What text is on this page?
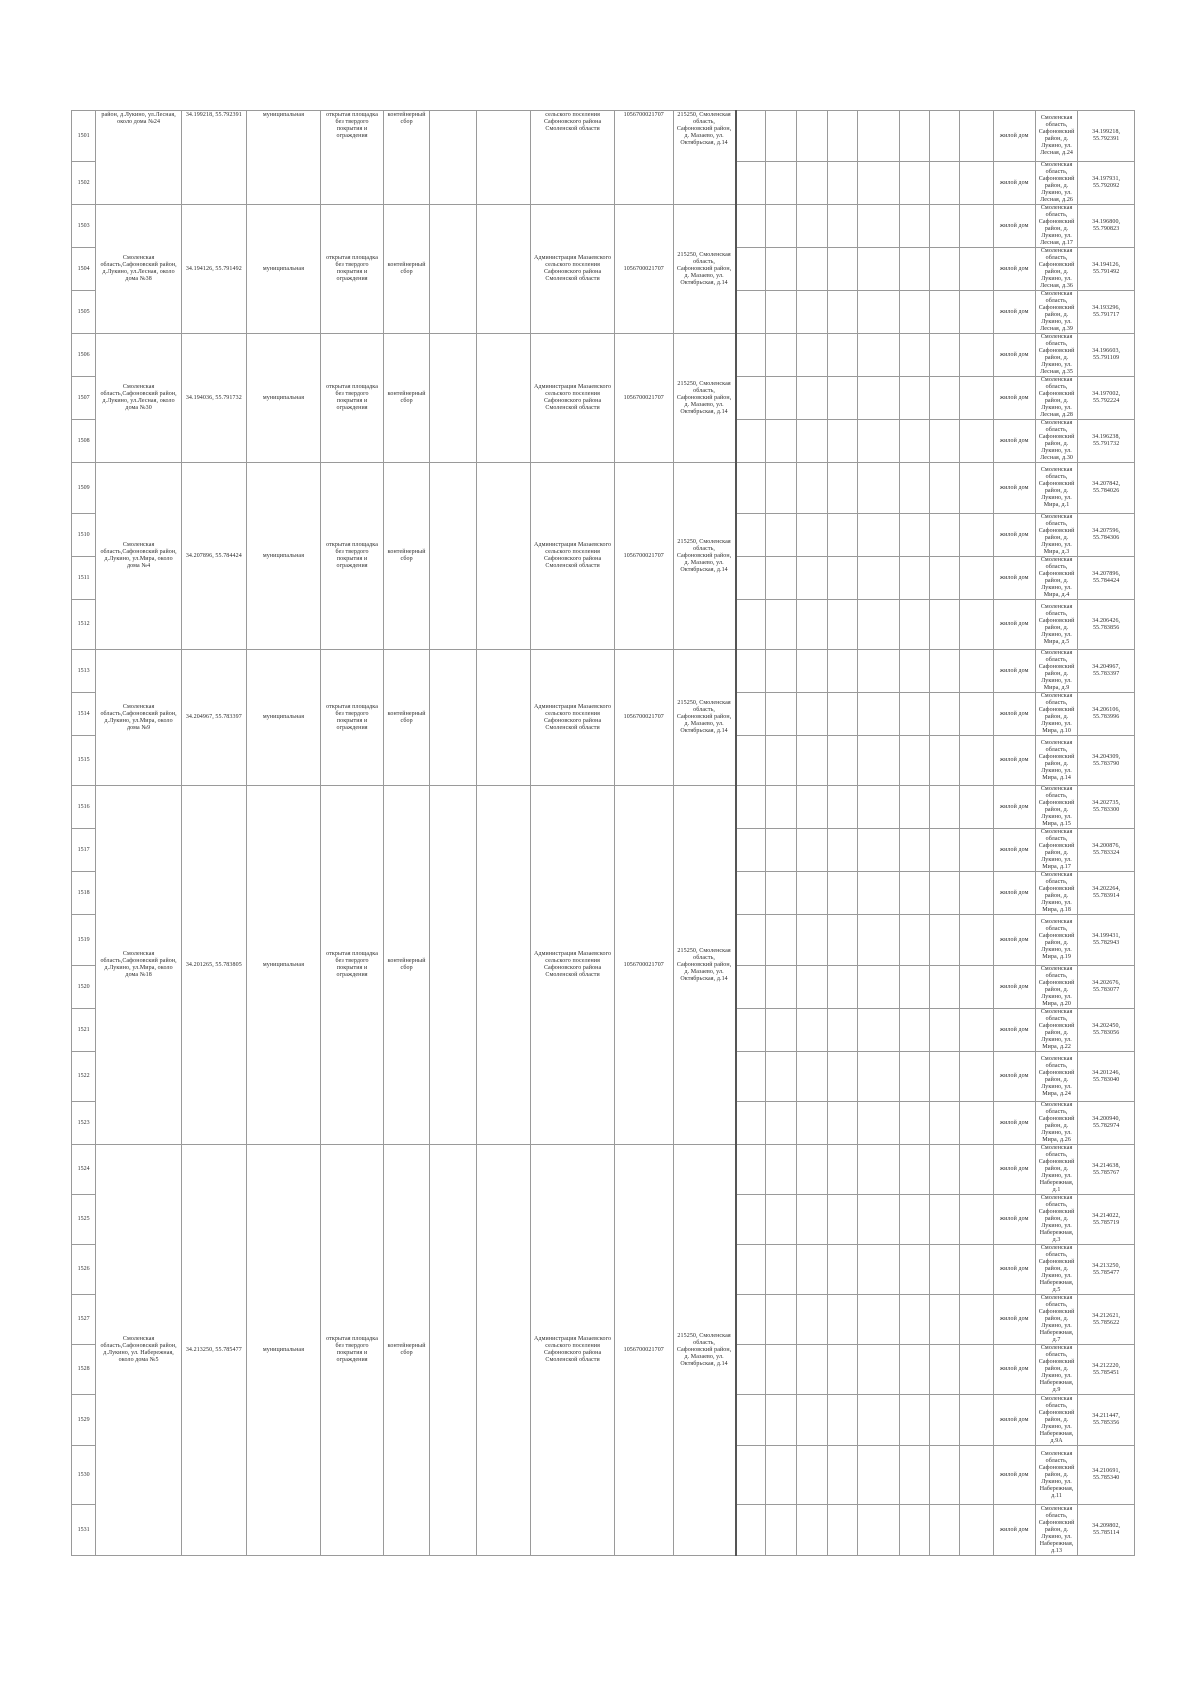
1501	район, д.Лукино, ул.Лесная, около дома №24	34.199218, 55.792391	муниципальная	открытая площадка без твердого покрытия и ограждения	контейнерный сбор			сельского поселения Сафоновского района Смоленской области	1056700021707	215250, Смоленская область, Сафоновский район, д. Мазаево, ул. Октябрьская, д.14									жилой дом	Смоленская область, Сафоновский район, д. Лукино, ул. Лесная, д.24	34.199218, 55.792391
1502																			жилой дом	Смоленская область, Сафоновский район, д. Лукино, ул. Лесная, д.26	34.197931, 55.792092
1503	Смоленская область,Сафоновский район, д.Лукино, ул.Лесная, около дома №38	34.194126, 55.791492	муниципальная	открытая площадка без твердого покрытия и ограждения	контейнерный сбор			Администрация Мазаевского сельского поселения Сафоновского района Смоленской области	1056700021707	215250, Смоленская область, Сафоновский район, д. Мазаево, ул. Октябрьская, д.14									жилой дом	Смоленская область, Сафоновский район, д. Лукино, ул. Лесная, д.17	34.196800, 55.790823
1504																			жилой дом	Смоленская область, Сафоновский район, д. Лукино, ул. Лесная, д.36	34.194126, 55.791492
1505																			жилой дом	Смоленская область, Сафоновский район, д. Лукино, ул. Лесная, д.39	34.193296, 55.791717
1506	Смоленская область,Сафоновский район, д.Лукино, ул.Лесная, около дома №30	34.194036, 55.791732	муниципальная	открытая площадка без твердого покрытия и ограждения	контейнерный сбор			Администрация Мазаевского сельского поселения Сафоновского района Смоленской области	1056700021707	215250, Смоленская область, Сафоновский район, д. Мазаево, ул. Октябрьская, д.14									жилой дом	Смоленская область, Сафоновский район, д. Лукино, ул. Лесная, д.35	34.196603, 55.791109
1507																			жилой дом	Смоленская область, Сафоновский район, д. Лукино, ул. Лесная, д.28	34.197002, 55.792224
1508																			жилой дом	Смоленская область, Сафоновский район, д. Лукино, ул. Лесная, д.30	34.196238, 55.791732
1509	Смоленская область,Сафоновский район, д.Лукино, ул.Мира, около дома №4	34.207896, 55.784424	муниципальная	открытая площадка без твердого покрытия и ограждения	контейнерный сбор			Администрация Мазаевского сельского поселения Сафоновского района Смоленской области	1056700021707	215250, Смоленская область, Сафоновский район, д. Мазаево, ул. Октябрьская, д.14									жилой дом	Смоленская область, Сафоновский район, д. Лукино, ул. Мира, д.1	34.207842, 55.784026
1510																			жилой дом	Смоленская область, Сафоновский район, д. Лукино, ул. Мира, д.3	34.207596, 55.784306
1511																			жилой дом	Смоленская область, Сафоновский район, д. Лукино, ул. Мира, д.4	34.207896, 55.784424
1512																			жилой дом	Смоленская область, Сафоновский район, д. Лукино, ул. Мира, д.5	34.206426, 55.783856
1513	Смоленская область,Сафоновский район, д.Лукино, ул.Мира, около дома №9	34.204967, 55.783397	муниципальная	открытая площадка без твердого покрытия и ограждения	контейнерный сбор			Администрация Мазаевского сельского поселения Сафоновского района Смоленской области	1056700021707	215250, Смоленская область, Сафоновский район, д. Мазаево, ул. Октябрьская, д.14									жилой дом	Смоленская область, Сафоновский район, д. Лукино, ул. Мира, д.9	34.204967, 55.783397
1514																			жилой дом	Смоленская область, Сафоновский район, д. Лукино, ул. Мира, д.10	34.206106, 55.783996
1515																			жилой дом	Смоленская область, Сафоновский район, д. Лукино, ул. Мира, д.14	34.204309, 55.783790
1516	Смоленская область,Сафоновский район, д.Лукино, ул.Мира, около дома №18	34.201265, 55.783805	муниципальная	открытая площадка без твердого покрытия и ограждения	контейнерный сбор			Администрация Мазаевского сельского поселения Сафоновского района Смоленской области	1056700021707	215250, Смоленская область, Сафоновский район, д. Мазаево, ул. Октябрьская, д.14									жилой дом	Смоленская область, Сафоновский район, д. Лукино, ул. Мира, д.15	34.202735, 55.783300
1517																			жилой дом	Смоленская область, Сафоновский район, д. Лукино, ул. Мира, д.17	34.200876, 55.783324
1518																			жилой дом	Смоленская область, Сафоновский район, д. Лукино, ул. Мира, д.18	34.202264, 55.783914
1519																			жилой дом	Смоленская область, Сафоновский район, д. Лукино, ул. Мира, д.19	34.199431, 55.782943
1520																			жилой дом	Смоленская область, Сафоновский район, д. Лукино, ул. Мира, д.20	34.202676, 55.783077
1521																			жилой дом	Смоленская область, Сафоновский район, д. Лукино, ул. Мира, д.22	34.202450, 55.783056
1522																			жилой дом	Смоленская область, Сафоновский район, д. Лукино, ул. Мира, д.24	34.201246, 55.783040
1523																			жилой дом	Смоленская область, Сафоновский район, д. Лукино, ул. Мира, д.26	34.200940, 55.782974
1524	Смоленская область,Сафоновский район, д.Лукино, ул. Набережная, около дома №5	34.213250, 55.785477	муниципальная	открытая площадка без твердого покрытия и ограждения	контейнерный сбор			Администрация Мазаевского сельского поселения Сафоновского района Смоленской области	1056700021707	215250, Смоленская область, Сафоновский район, д. Мазаево, ул. Октябрьская, д.14									жилой дом	Смоленская область, Сафоновский район, д. Лукино, ул. Набережная, д.1	34.214638, 55.785767
1525																			жилой дом	Смоленская область, Сафоновский район, д. Лукино, ул. Набережная, д.3	34.214022, 55.785719
1526																			жилой дом	Смоленская область, Сафоновский район, д. Лукино, ул. Набережная, д.5	34.213250, 55.785477
1527																			жилой дом	Смоленская область, Сафоновский район, д. Лукино, ул. Набережная, д.7	34.212621, 55.785622
1528																			жилой дом	Смоленская область, Сафоновский район, д. Лукино, ул. Набережная, д.9	34.212220, 55.785451
1529																			жилой дом	Смоленская область, Сафоновский район, д. Лукино, ул. Набережная, д.9А	34.211447, 55.785356
1530																			жилой дом	Смоленская область, Сафоновский район, д. Лукино, ул. Набережная, д.11	34.210691, 55.785340
1531																			жилой дом	Смоленская область, Сафоновский район, д. Лукино, ул. Набережная, д.13	34.209802, 55.785114
